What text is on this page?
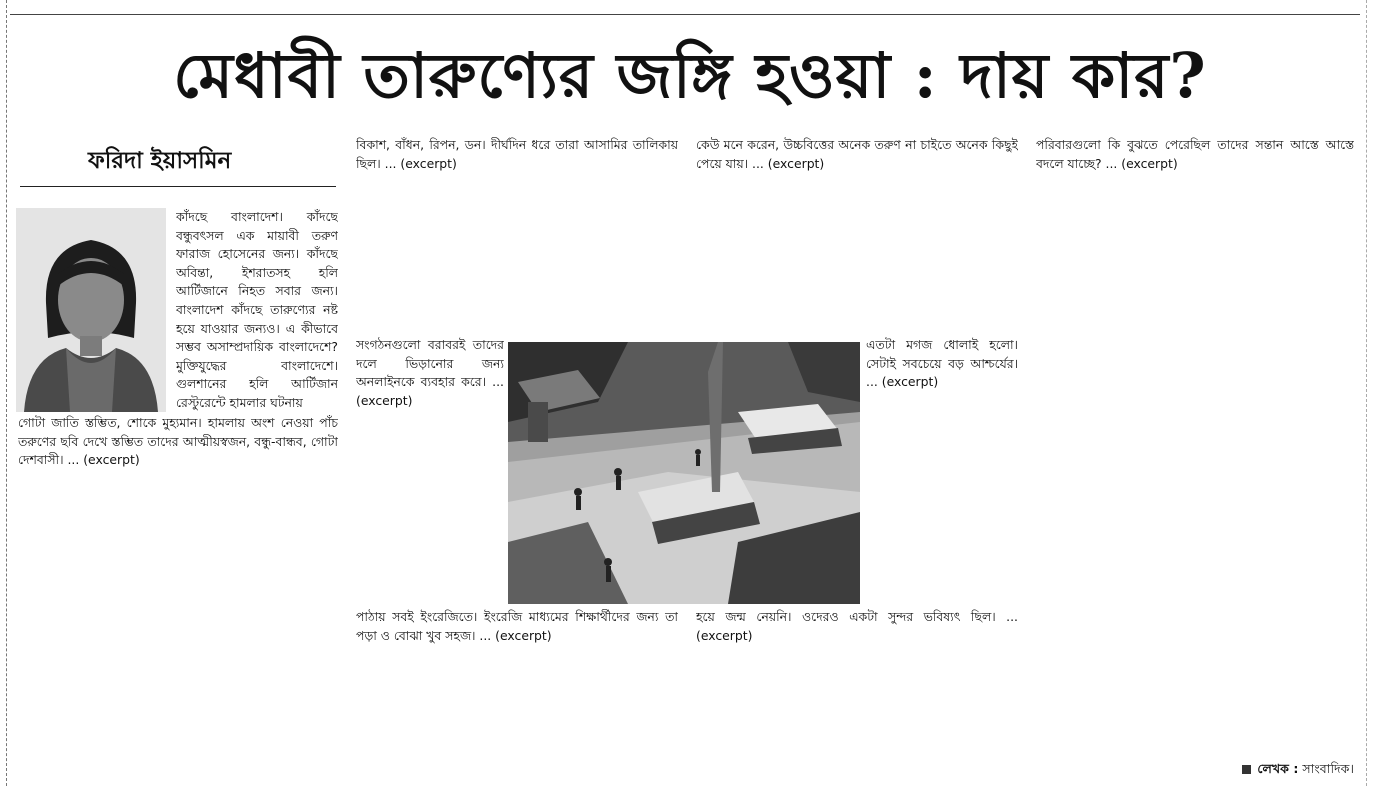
মেধাবী তারুণ্যের জঙ্গি হওয়া : দায় কার?
ফরিদা ইয়াসমিন

কাঁদছে বাংলাদেশ। কাঁদছে বন্ধুবৎসল এক মায়াবী তরুণ ফারাজ হোসেনের জন্য। কাঁদছে অবিন্তা, ইশরাতসহ হলি আর্টিজানে নিহত সবার জন্য। বাংলাদেশ কাঁদছে তারুণ্যের নষ্ট হয়ে যাওয়ার জন্যও। এ কীভাবে সম্ভব অসাম্প্রদায়িক বাংলাদেশে? মুক্তিযুদ্ধের বাংলাদেশে। গুলশানের হলি আর্টিজান রেস্টুরেন্টে হামলার ঘটনায়

গোটা জাতি স্তম্ভিত, শোকে মুহ্যমান। হামলায় অংশ নেওয়া পাঁচ তরুণের ছবি দেখে স্তম্ভিত তাদের আত্মীয়স্বজন, বন্ধু-বান্ধব, গোটা দেশবাসী। ... (excerpt)

বিকাশ, বাঁধন, রিপন, ডন। দীর্ঘদিন ধরে তারা আসামির তালিকায় ছিল। ... (excerpt)

সংগঠনগুলো বরাবরই তাদের দলে ভিড়ানোর জন্য অনলাইনকে ব্যবহার করে। ... (excerpt)

পাঠায় সবই ইংরেজিতে। ইংরেজি মাধ্যমের শিক্ষার্থীদের জন্য তা পড়া ও বোঝা খুব সহজ। ... (excerpt)

কেউ মনে করেন, উচ্চবিত্তের অনেক তরুণ না চাইতে অনেক কিছুই পেয়ে যায়। ... (excerpt)

এতটা মগজ ধোলাই হলো। সেটাই সবচেয়ে বড় আশ্চর্যের। ... (excerpt)

হয়ে জন্ম নেয়নি। ওদেরও একটা সুন্দর ভবিষ্যৎ ছিল। ... (excerpt)

পরিবারগুলো কি বুঝতে পেরেছিল তাদের সন্তান আস্তে আস্তে বদলে যাচ্ছে? ... (excerpt)

লেখক : সাংবাদিক।
